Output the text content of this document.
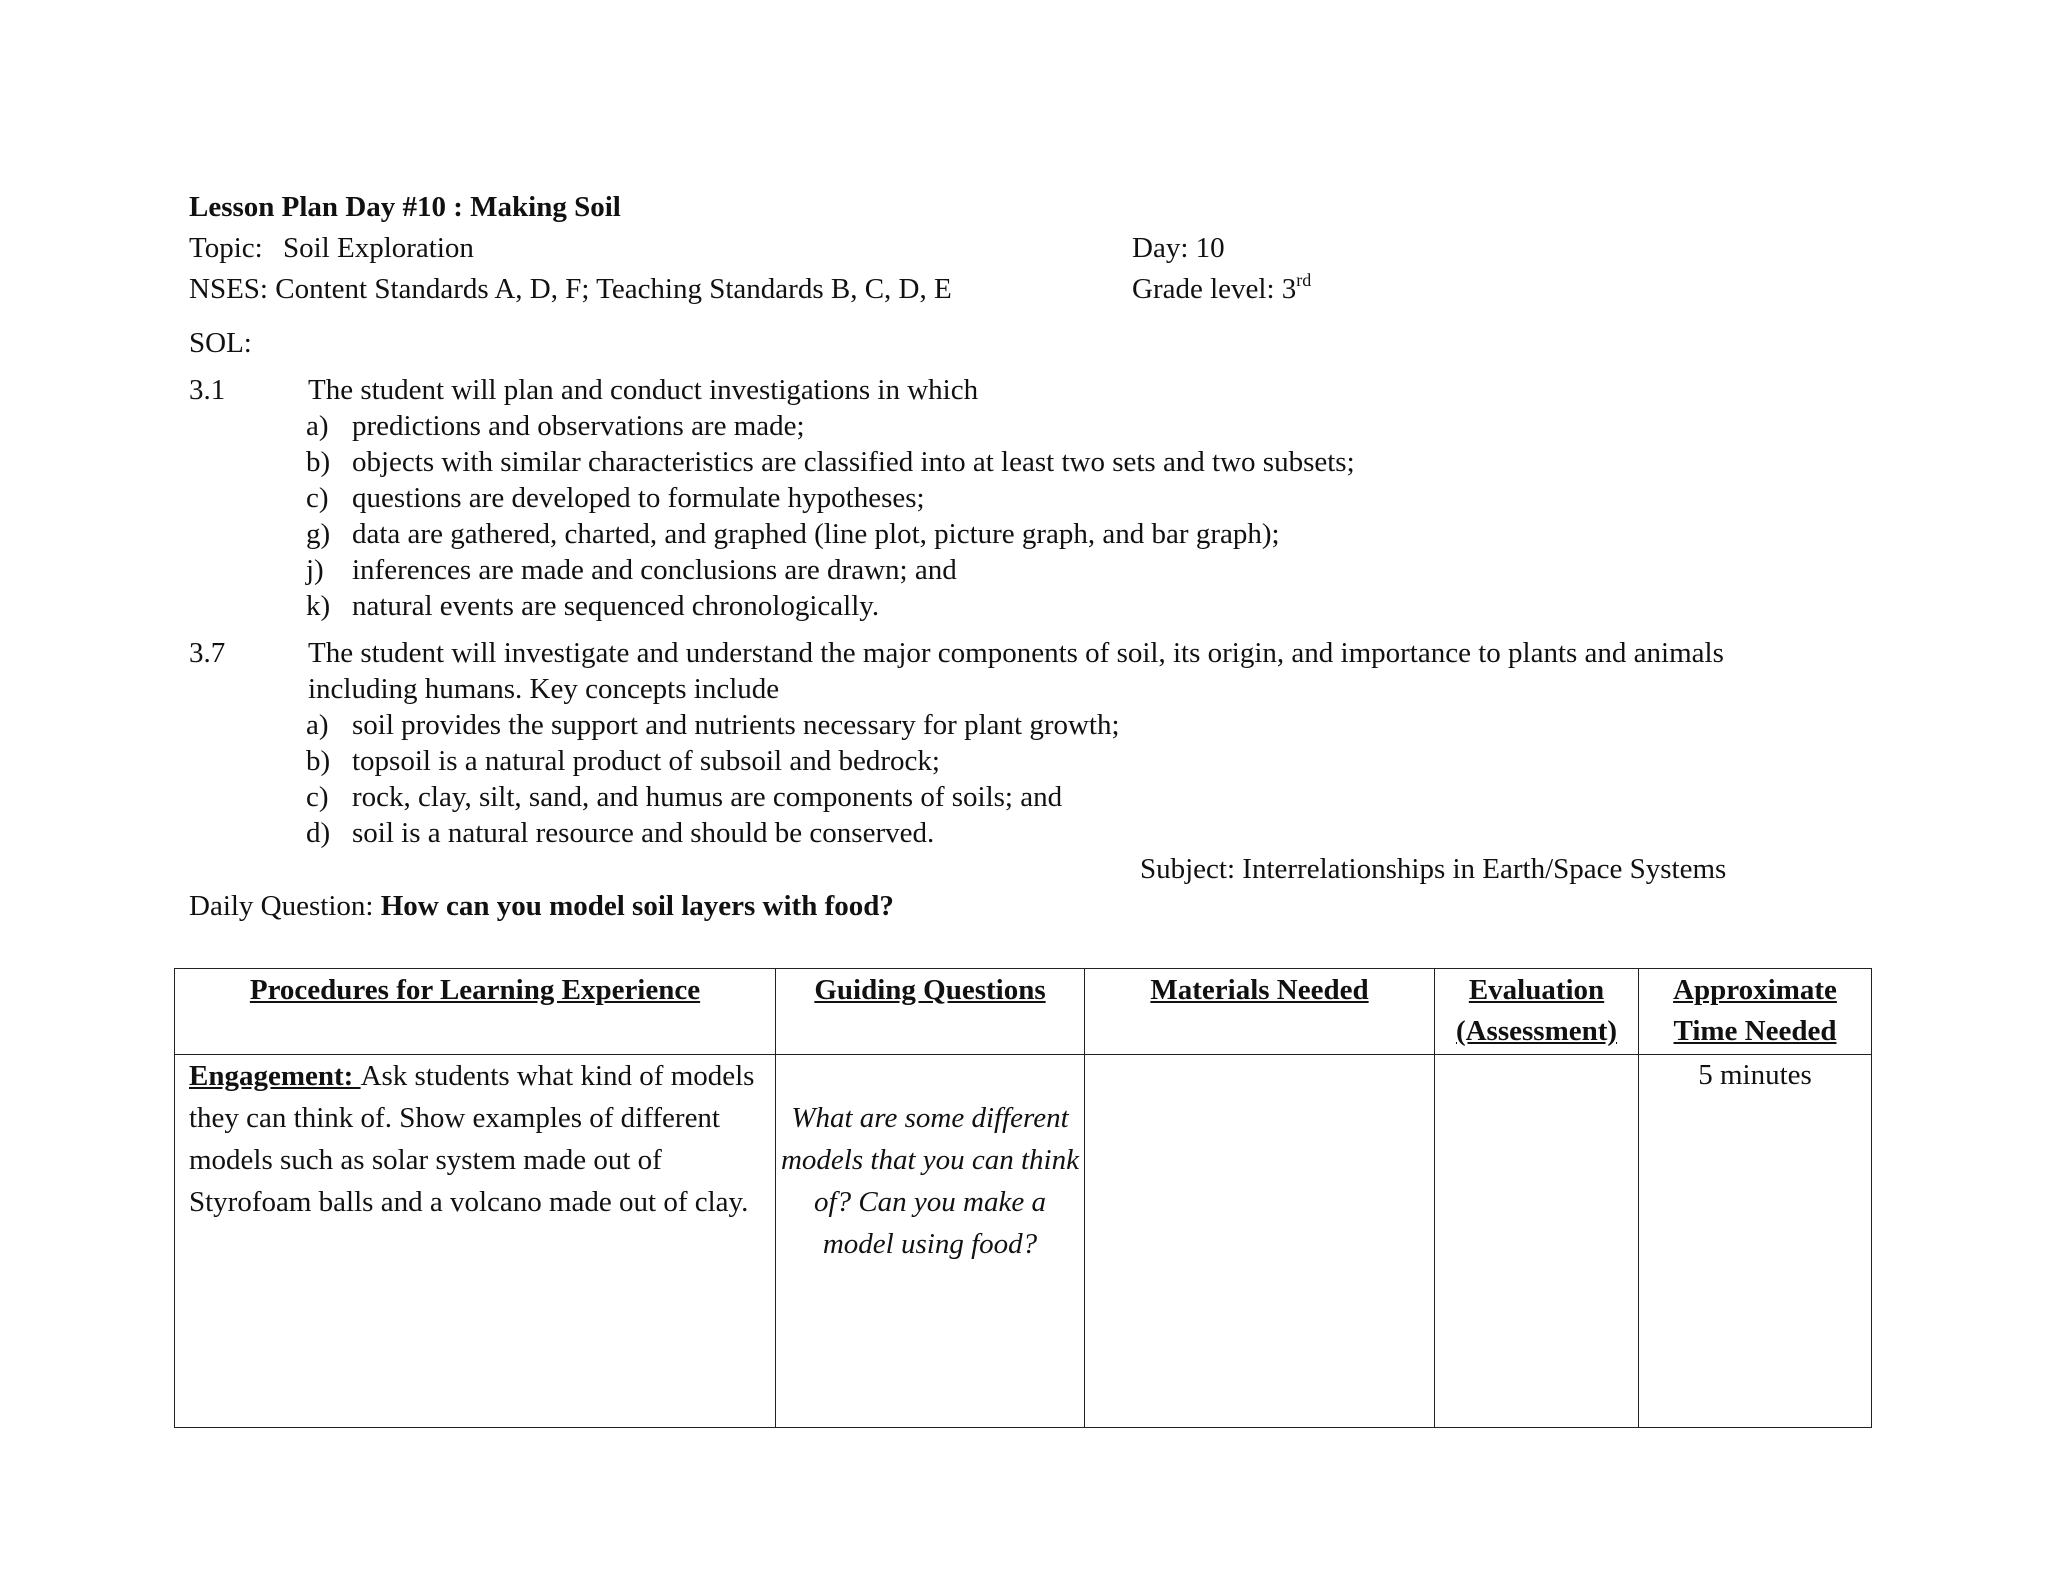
Lesson Plan Day #10 : Making Soil
Topic: Soil Exploration	Day: 10
NSES: Content Standards A, D, F; Teaching Standards B, C, D, E	Grade level: 3rd
SOL:
3.1	The student will plan and conduct investigations in which
a) predictions and observations are made;
b) objects with similar characteristics are classified into at least two sets and two subsets;
c) questions are developed to formulate hypotheses;
g) data are gathered, charted, and graphed (line plot, picture graph, and bar graph);
j) inferences are made and conclusions are drawn; and
k) natural events are sequenced chronologically.
3.7	The student will investigate and understand the major components of soil, its origin, and importance to plants and animals
including humans. Key concepts include
a) soil provides the support and nutrients necessary for plant growth;
b) topsoil is a natural product of subsoil and bedrock;
c) rock, clay, silt, sand, and humus are components of soils; and
d) soil is a natural resource and should be conserved.
Subject: Interrelationships in Earth/Space Systems
Daily Question: How can you model soil layers with food?
Procedures for Learning Experience	Guiding Questions	Materials Needed	Evaluation (Assessment)	Approximate Time Needed
Engagement: Ask students what kind of models they can think of. Show examples of different models such as solar system made out of Styrofoam balls and a volcano made out of clay.	What are some different models that you can think of? Can you make a model using food?			5 minutes
